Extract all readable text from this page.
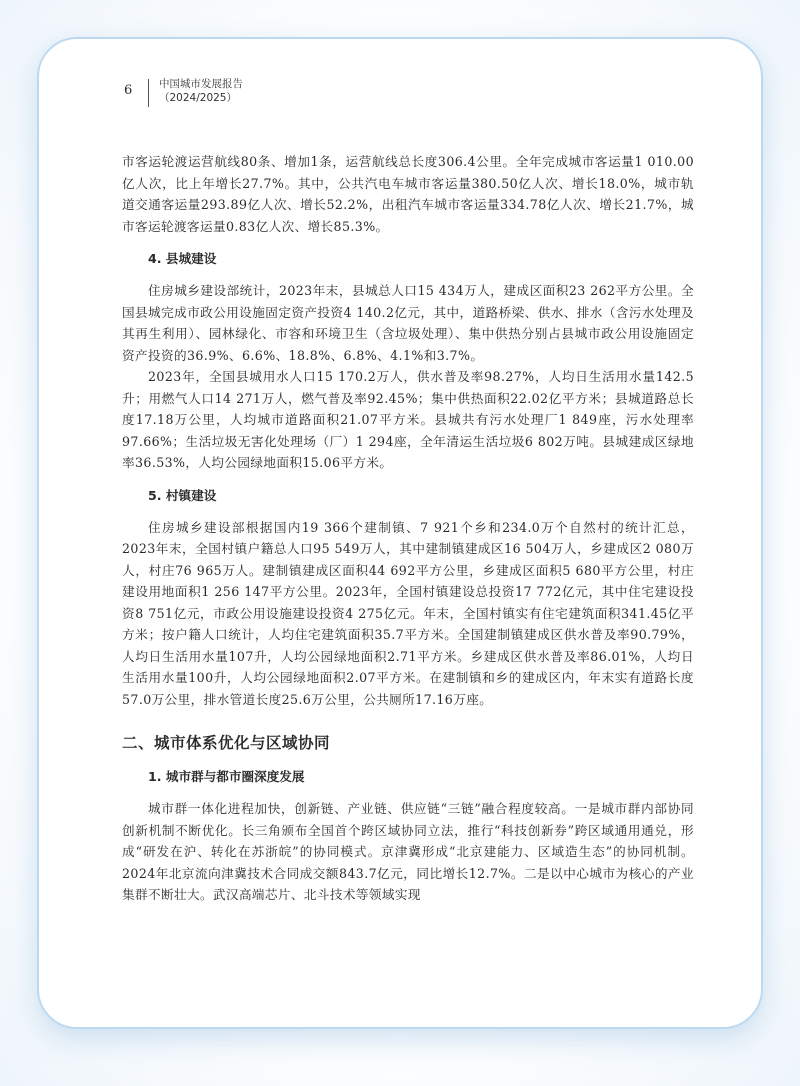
6	中国城市发展报告
（2024/2025）

市客运轮渡运营航线80条、增加1条，运营航线总长度306.4公里。全年完成城市客运量1 010.00亿人次，比上年增长27.7%。其中，公共汽电车城市客运量380.50亿人次、增长18.0%，城市轨道交通客运量293.89亿人次、增长52.2%，出租汽车城市客运量334.78亿人次、增长21.7%，城市客运轮渡客运量0.83亿人次、增长85.3%。

4. 县城建设

住房城乡建设部统计，2023年末，县城总人口15 434万人，建成区面积23 262平方公里。全国县城完成市政公用设施固定资产投资4 140.2亿元，其中，道路桥梁、供水、排水（含污水处理及其再生利用）、园林绿化、市容和环境卫生（含垃圾处理）、集中供热分别占县城市政公用设施固定资产投资的36.9%、6.6%、18.8%、6.8%、4.1%和3.7%。

2023年，全国县城用水人口15 170.2万人，供水普及率98.27%，人均日生活用水量142.5升；用燃气人口14 271万人，燃气普及率92.45%；集中供热面积22.02亿平方米；县城道路总长度17.18万公里，人均城市道路面积21.07平方米。县城共有污水处理厂1 849座，污水处理率97.66%；生活垃圾无害化处理场（厂）1 294座，全年清运生活垃圾6 802万吨。县城建成区绿地率36.53%，人均公园绿地面积15.06平方米。

5. 村镇建设

住房城乡建设部根据国内19 366个建制镇、7 921个乡和234.0万个自然村的统计汇总，2023年末，全国村镇户籍总人口95 549万人，其中建制镇建成区16 504万人，乡建成区2 080万人，村庄76 965万人。建制镇建成区面积44 692平方公里，乡建成区面积5 680平方公里，村庄建设用地面积1 256 147平方公里。2023年，全国村镇建设总投资17 772亿元，其中住宅建设投资8 751亿元，市政公用设施建设投资4 275亿元。年末，全国村镇实有住宅建筑面积341.45亿平方米；按户籍人口统计，人均住宅建筑面积35.7平方米。全国建制镇建成区供水普及率90.79%，人均日生活用水量107升，人均公园绿地面积2.71平方米。乡建成区供水普及率86.01%，人均日生活用水量100升，人均公园绿地面积2.07平方米。在建制镇和乡的建成区内，年末实有道路长度57.0万公里，排水管道长度25.6万公里，公共厕所17.16万座。

二、城市体系优化与区域协同
1. 城市群与都市圈深度发展

城市群一体化进程加快，创新链、产业链、供应链“三链”融合程度较高。一是城市群内部协同创新机制不断优化。长三角颁布全国首个跨区域协同立法，推行“科技创新券”跨区域通用通兑，形成“研发在沪、转化在苏浙皖”的协同模式。京津冀形成“北京建能力、区域造生态”的协同机制。2024年北京流向津冀技术合同成交额843.7亿元，同比增长12.7%。二是以中心城市为核心的产业集群不断壮大。武汉高端芯片、北斗技术等领域实现
